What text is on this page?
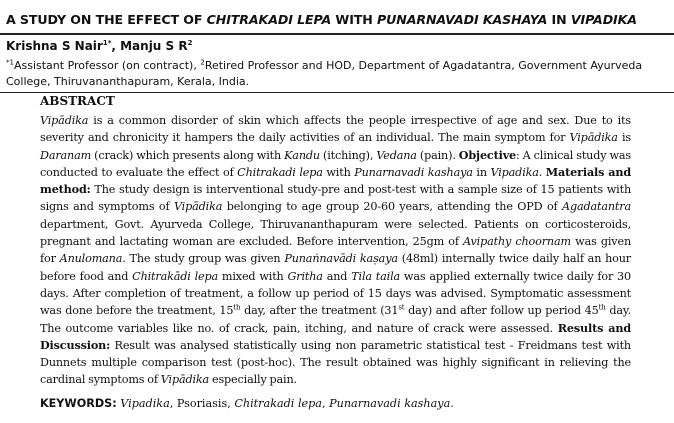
A STUDY ON THE EFFECT OF CHITRAKADI LEPA WITH PUNARNAVADI KASHAYA IN VIPADIKA
Krishna S Nair$^{1*}$, Manju S $R^2$
$^{*1}$Assistant Professor (on contract), $^2$Retired Professor and HOD, Department of Agadatantra, Government Ayurveda College, Thiruvananthapuram, Kerala, India.
ABSTRACT
Vipādika is a common disorder of skin which affects the people irrespective of age and sex. Due to its severity and chronicity it hampers the daily activities of an individual. The main symptom for Vipādika is Daranam (crack) which presents along with Kandu (itching), Vedana (pain). Objective: A clinical study was conducted to evaluate the effect of Chitrakadi lepa with Punarnavadi kashaya in Vipadika. Materials and method: The study design is interventional study-pre and post-test with a sample size of 15 patients with signs and symptoms of Vipādika belonging to age group 20-60 years, attending the OPD of Agadatantra department, Govt. Ayurveda College, Thiruvananthapuram were selected. Patients on corticosteroids, pregnant and lactating woman are excluded. Before intervention, 25gm of Avipathy choornam was given for Anulomana. The study group was given Punaṅnavādi kaṣaya (48ml) internally twice daily half an hour before food and Chitrakādi lepa mixed with Gritha and Tila taila was applied externally twice daily for 30 days. After completion of treatment, a follow up period of 15 days was advised. Symptomatic assessment was done before the treatment, 15th day, after the treatment (31st day) and after follow up period 45th day. The outcome variables like no. of crack, pain, itching, and nature of crack were assessed. Results and Discussion: Result was analysed statistically using non parametric statistical test - Freidmans test with Dunnets multiple comparison test (post-hoc). The result obtained was highly significant in relieving the cardinal symptoms of Vipādika especially pain.
KEYWORDS: Vipadika, Psoriasis, Chitrakadi lepa, Punarnavadi kashaya.
